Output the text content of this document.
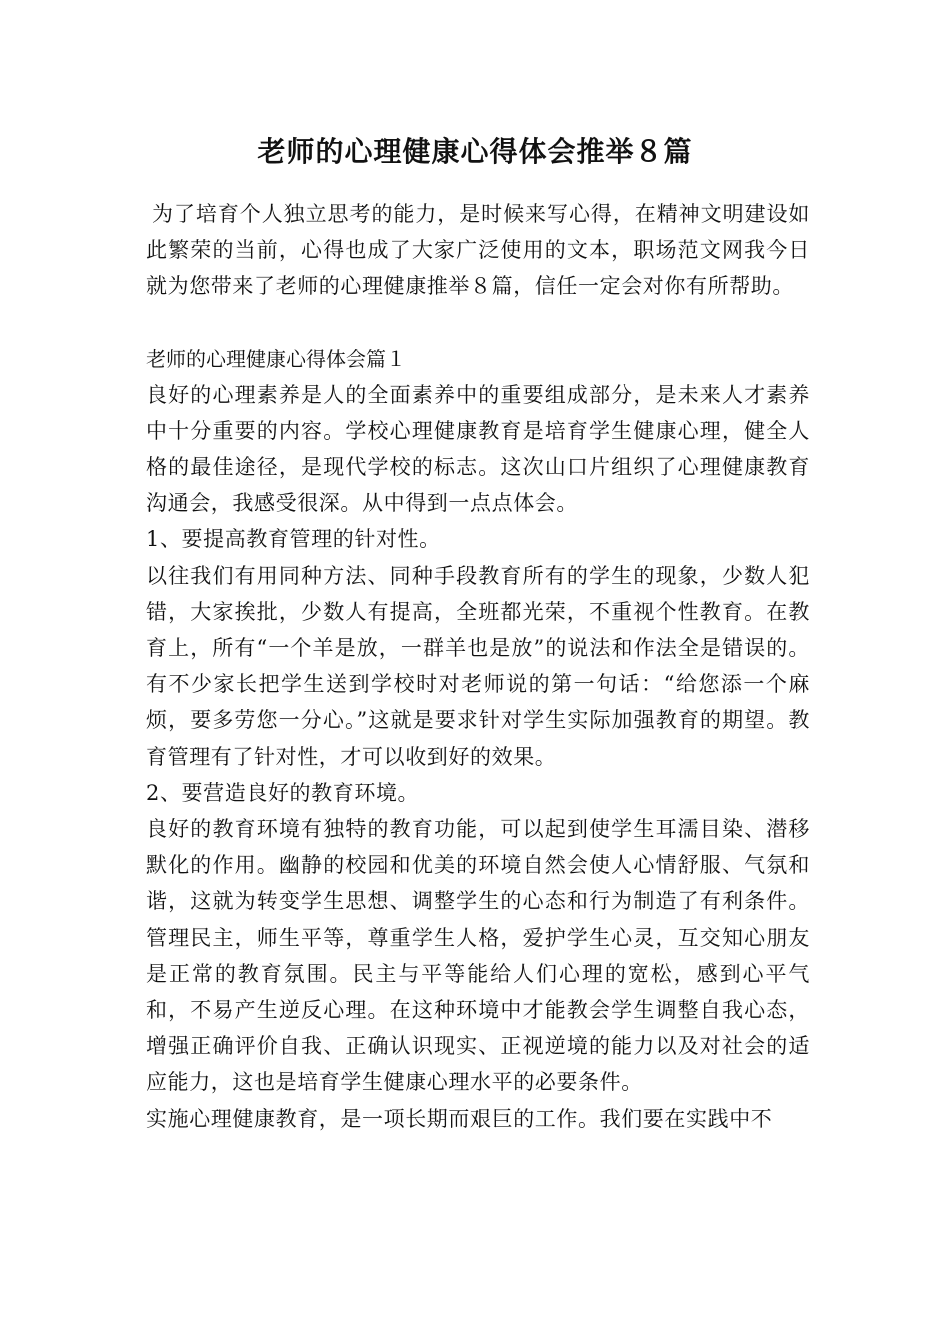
老师的心理健康心得体会推举８篇

为了培育个人独立思考的能力，是时候来写心得，在精神文明建设如此繁荣的当前，心得也成了大家广泛使用的文本，职场范文网我今日就为您带来了老师的心理健康推举８篇，信任一定会对你有所帮助。

老师的心理健康心得体会篇１

良好的心理素养是人的全面素养中的重要组成部分，是未来人才素养中十分重要的内容。学校心理健康教育是培育学生健康心理，健全人格的最佳途径，是现代学校的标志。这次山口片组织了心理健康教育沟通会，我感受很深。从中得到一点点体会。

1、要提高教育管理的针对性。

以往我们有用同种方法、同种手段教育所有的学生的现象，少数人犯错，大家挨批，少数人有提高，全班都光荣，不重视个性教育。在教育上，所有“一个羊是放，一群羊也是放”的说法和作法全是错误的。有不少家长把学生送到学校时对老师说的第一句话：“给您添一个麻烦，要多劳您一分心。”这就是要求针对学生实际加强教育的期望。教育管理有了针对性，才可以收到好的效果。

2、要营造良好的教育环境。

良好的教育环境有独特的教育功能，可以起到使学生耳濡目染、潜移默化的作用。幽静的校园和优美的环境自然会使人心情舒服、气氛和谐，这就为转变学生思想、调整学生的心态和行为制造了有利条件。管理民主，师生平等，尊重学生人格，爱护学生心灵，互交知心朋友是正常的教育氛围。民主与平等能给人们心理的宽松，感到心平气和，不易产生逆反心理。在这种环境中才能教会学生调整自我心态，增强正确评价自我、正确认识现实、正视逆境的能力以及对社会的适应能力，这也是培育学生健康心理水平的必要条件。

实施心理健康教育，是一项长期而艰巨的工作。我们要在实践中不
